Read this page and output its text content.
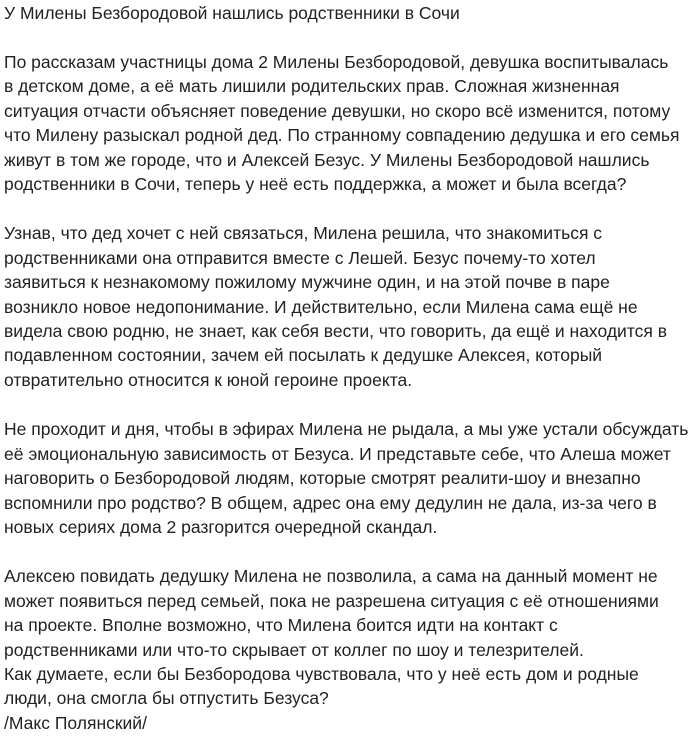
У Милены Безбородовой нашлись родственники в Сочи

По рассказам участницы дома 2 Милены Безбородовой, девушка воспитывалась
в детском доме, а её мать лишили родительских прав. Сложная жизненная
ситуация отчасти объясняет поведение девушки, но скоро всё изменится, потому
что Милену разыскал родной дед. По странному совпадению дедушка и его семья
живут в том же городе, что и Алексей Безус. У Милены Безбородовой нашлись
родственники в Сочи, теперь у неё есть поддержка, а может и была всегда?

Узнав, что дед хочет с ней связаться, Милена решила, что знакомиться с
родственниками она отправится вместе с Лешей. Безус почему-то хотел
заявиться к незнакомому пожилому мужчине один, и на этой почве в паре
возникло новое недопонимание. И действительно, если Милена сама ещё не
видела свою родню, не знает, как себя вести, что говорить, да ещё и находится в
подавленном состоянии, зачем ей посылать к дедушке Алексея, который
отвратительно относится к юной героине проекта.

Не проходит и дня, чтобы в эфирах Милена не рыдала, а мы уже устали обсуждать
её эмоциональную зависимость от Безуса. И представьте себе, что Алеша может
наговорить о Безбородовой людям, которые смотрят реалити-шоу и внезапно
вспомнили про родство? В общем, адрес она ему дедулин не дала, из-за чего в
новых сериях дома 2 разгорится очередной скандал.

Алексею повидать дедушку Милена не позволила, а сама на данный момент не
может появиться перед семьей, пока не разрешена ситуация с её отношениями
на проекте. Вполне возможно, что Милена боится идти на контакт с
родственниками или что-то скрывает от коллег по шоу и телезрителей.
Как думаете, если бы Безбородова чувствовала, что у неё есть дом и родные
люди, она смогла бы отпустить Безуса?

/Макс Полянский/
